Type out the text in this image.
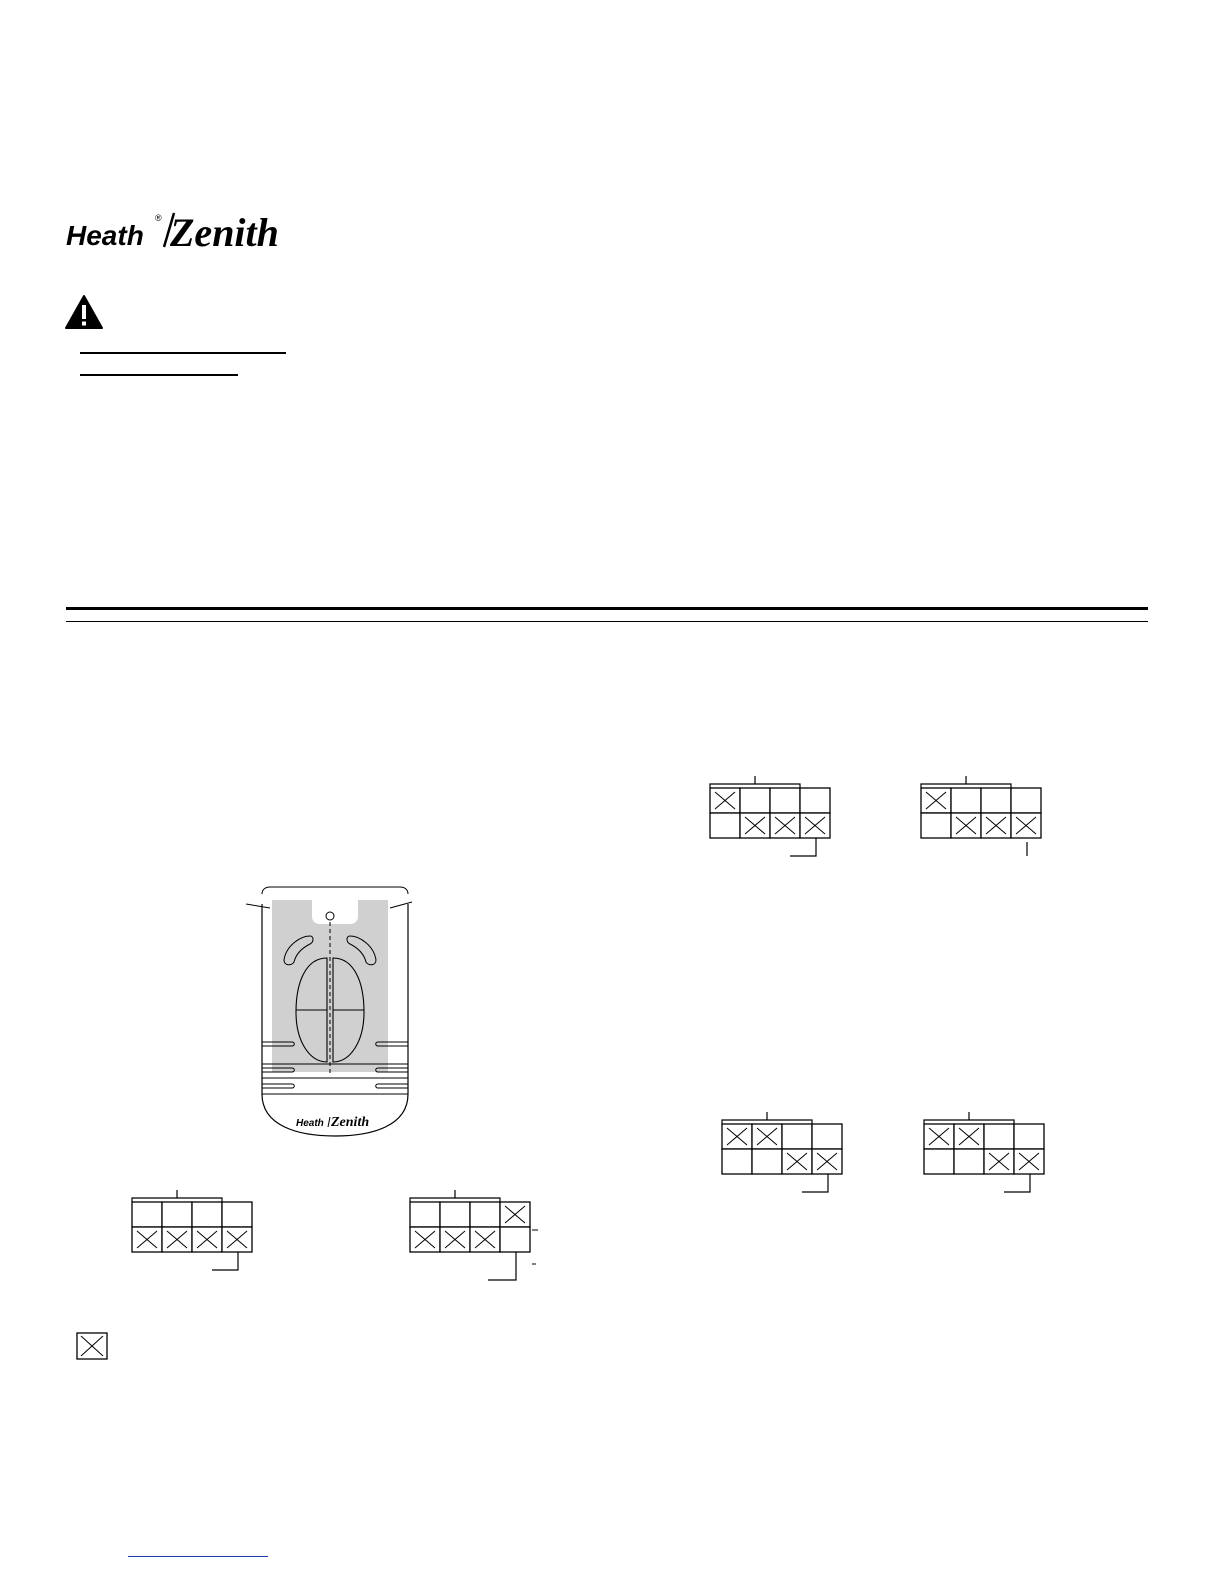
Heath
® Zenith
Heath Zenith
